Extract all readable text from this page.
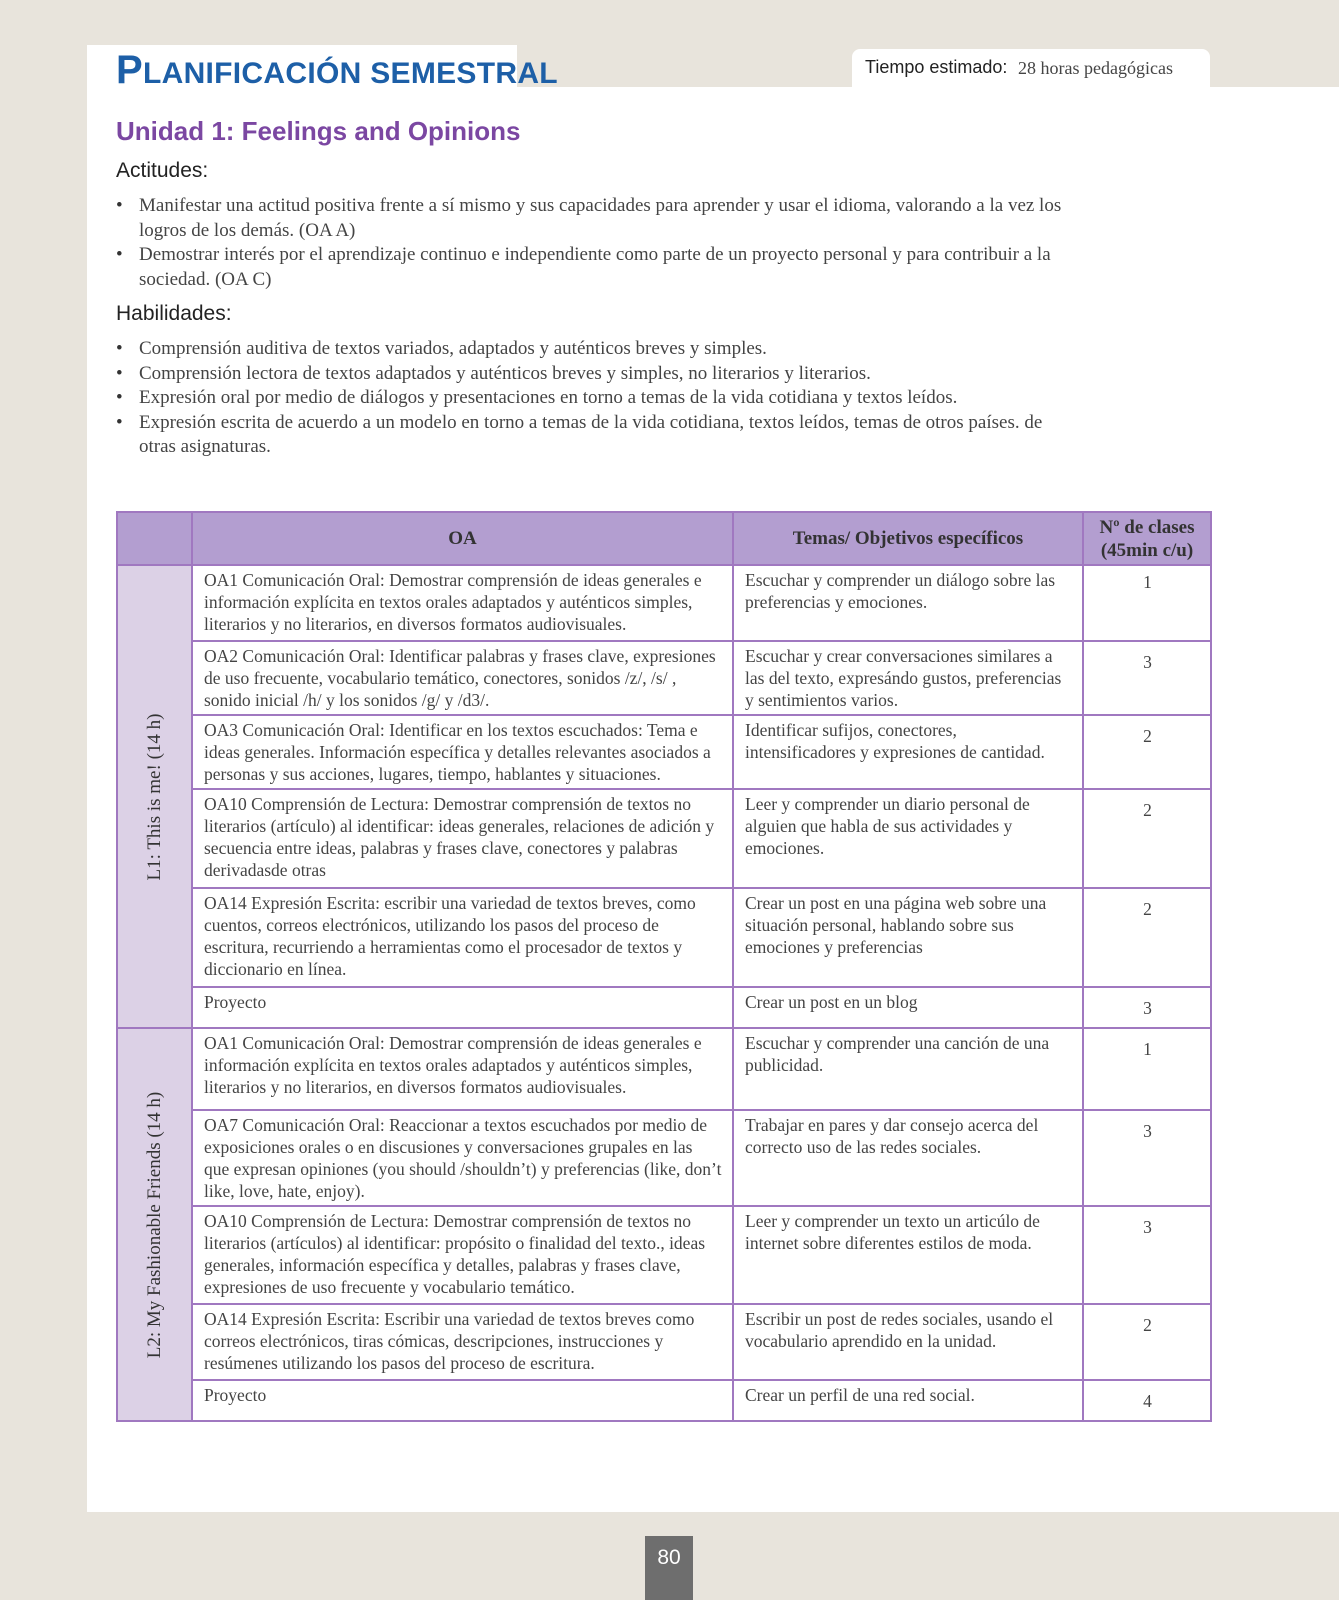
PLANIFICACIÓN SEMESTRAL	Tiempo estimado: 28 horas pedagógicas
Unidad 1: Feelings and Opinions
Actitudes:
• Manifestar una actitud positiva frente a sí mismo y sus capacidades para aprender y usar el idioma, valorando a la vez los logros de los demás. (OA A)
• Demostrar interés por el aprendizaje continuo e independiente como parte de un proyecto personal y para contribuir a la sociedad. (OA C)
Habilidades:
• Comprensión auditiva de textos variados, adaptados y auténticos breves y simples.
• Comprensión lectora de textos adaptados y auténticos breves y simples, no literarios y literarios.
• Expresión oral por medio de diálogos y presentaciones en torno a temas de la vida cotidiana y textos leídos.
• Expresión escrita de acuerdo a un modelo en torno a temas de la vida cotidiana, textos leídos, temas de otros países. de otras asignaturas.
	OA	Temas/ Objetivos específicos	Nº de clases (45min c/u)

L1: This is me! (14 h)	OA1 Comunicación Oral: Demostrar comprensión de ideas generales e información explícita en textos orales adaptados y auténticos simples, literarios y no literarios, en diversos formatos audiovisuales.	Escuchar y comprender un diálogo sobre las preferencias y emociones.	1
	OA2 Comunicación Oral: Identificar palabras y frases clave, expresiones de uso frecuente, vocabulario temático, conectores, sonidos /z/, /s/ , sonido inicial /h/ y los sonidos /g/ y /d3/.	Escuchar y crear conversaciones similares a las del texto, expresándo gustos, preferencias y sentimientos varios.	3
	OA3 Comunicación Oral: Identificar en los textos escuchados: Tema e ideas generales. Información específica y detalles relevantes asociados a personas y sus acciones, lugares, tiempo, hablantes y situaciones.	Identificar sufijos, conectores, intensificadores y expresiones de cantidad.	2
	OA10 Comprensión de Lectura: Demostrar comprensión de textos no literarios (artículo) al identificar: ideas generales, relaciones de adición y secuencia entre ideas, palabras y frases clave, conectores y palabras derivadasde otras	Leer y comprender un diario personal de alguien que habla de sus actividades y emociones.	2
	OA14 Expresión Escrita: escribir una variedad de textos breves, como cuentos, correos electrónicos, utilizando los pasos del proceso de escritura, recurriendo a herramientas como el procesador de textos y diccionario en línea.	Crear un post en una página web sobre una situación personal, hablando sobre sus emociones y preferencias	2
	Proyecto	Crear un post en un blog	3

L2: My Fashionable Friends (14 h)	OA1 Comunicación Oral: Demostrar comprensión de ideas generales e información explícita en textos orales adaptados y auténticos simples, literarios y no literarios, en diversos formatos audiovisuales.	Escuchar y comprender una canción de una publicidad.	1
	OA7 Comunicación Oral: Reaccionar a textos escuchados por medio de exposiciones orales o en discusiones y conversaciones grupales en las que expresan opiniones (you should /shouldn’t) y preferencias (like, don’t like, love, hate, enjoy).	Trabajar en pares y dar consejo acerca del correcto uso de las redes sociales.	3
	OA10 Comprensión de Lectura: Demostrar comprensión de textos no literarios (artículos) al identificar: propósito o finalidad del texto., ideas generales, información específica y detalles, palabras y frases clave, expresiones de uso frecuente y vocabulario temático.	Leer y comprender un texto un articúlo de internet sobre diferentes estilos de moda.	3
	OA14 Expresión Escrita: Escribir una variedad de textos breves como correos electrónicos, tiras cómicas, descripciones, instrucciones y resúmenes utilizando los pasos del proceso de escritura.	Escribir un post de redes sociales, usando el vocabulario aprendido en la unidad.	2
	Proyecto	Crear un perfil de una red social.	4
80
